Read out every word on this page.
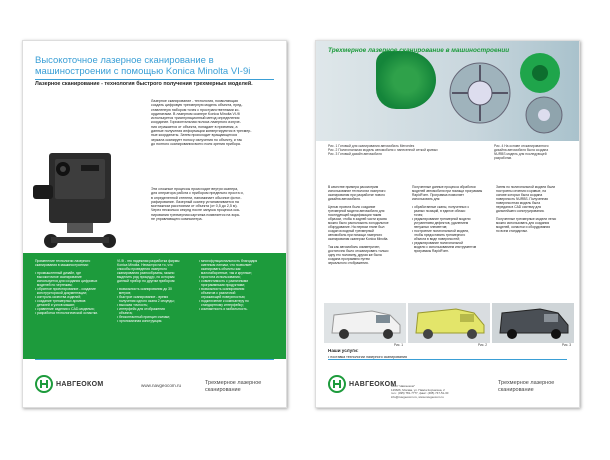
Высокоточное лазерное сканирование в машиностроении с помощью Konica Minolta VI-9i
Лазерное сканирование - технология быстрого получения трехмерных моделей.
Лазерное сканирование - технология, позволяющая
создать цифровую трехмерную модель объекта, пред-
ставленную набором точек с пространственными ко-
ординатами. В лазерном сканере Konica Minolta VI-9i
используется триангуляционный метод определения
координат. Горизонтальная полоса лазерного излуче-
ния отражается от объекта, попадает в приемник, а
данные получения информации конвертируются в трехмер-
ные координаты. Затем происходит вращающегося
зеркала сканирует полосу излучения по объекту, и так
до полного сканирования всего поля зрения прибора.
Эти сложные процессы происходят внутри сканера,
для оператора работа с прибором предельно проста и,
в определенной степени, напоминает обычное фотог-
рафирование. Лазерный сканер устанавливается на
монтажном расстоянии от объекта (от 0,5 до 2,5 м).
Через несколько секунд после запуска процесса ска-
нирования трехмерная картинка появляется на экра-
не управляющего компьютера.
Применение технологии лазерного
сканирования в машиностроении:

• промышленный дизайн, где
высокоточное сканирование
используется для создания цифровых
моделей по чертежам;
• обратное проектирование - создание
конструкторской документации;
• контроль качества изделий;
• создание трехмерных архивов
деталей и узлов машин;
• сравнение изделия с CAD-моделью;
• разработка технологической оснастки.
VI-9i - это надежная разработка фирмы
Konica Minolta. Несмотря на то, что
способы проведения лазерного
сканирования разнообразны, можно
выделить ряд процедур, по которым
данный прибор по другим прибором:

• возможность сканирования до 30
метров;
• быстрое сканирование - время
получения одного скана 2 секунды;
• высокая точность;
• интерфейс для отображения
объекта;
• бесконтактный принцип съемки;
• эргономичная конструкция.
• многофункциональность благодаря
сменным линзам, что позволяет
сканировать объекты как
малогабаритные, так и крупные;
• простота использования;
• совместимость с различными
программными продуктами;
• возможность сканирования
объектов с различной
отражающей поверхностью;
• подключение к компьютеру по
стандартному интерфейсу;
• компактность и мобильность.
НАВГЕОКОМ	www.navgeocom.ru	Трехмерное лазерное сканирование
Трехмерное лазерное сканирование в машиностроении
Рис. 1 Готовый для сканирования автомобиль Mercedes
Рис. 2 Полигональная модель автомобиля с нанесенной сеткой кривых
Рис. 3 Готовый дизайн автомобиля
Рис. 4 На основе отсканированного
дизайна автомобиля была создана
NURBS модель для последующей
разработки.
В качестве примера рассмотрим
использование технологии лазерного
сканирования при разработке нового
дизайна автомобиля.

Целью проекта было создание
трехмерной модели автомобиля для
последующей модификации таким
образом, чтобы в задней части кузова
можно было расположить холодильное
оборудование. На первом этапе был
создан исходный трехмерный
автомобиль при помощи лазерного
сканирования сканером Konica Minolta.

Так как автомобиль симметричен,
достаточно было отсканировать только
одну его половину, другая же была
создана программно путем
зеркального отображения.
Полученные данные процесса обработки
моделей автомобиля при помощи программы
RapidForm. Программа позволяет
использовать для:

• обработанные сканы, полученных с
разных позиций, в единое облако
точек;
• редактирование трехмерной модели
устранением дефектов, удалением
ненужных элементов;
• построение полигональной модели,
чтобы предоставить трехмерного
объекта в виде поверхностей;
• редактирование полигональной
модели с использованием инструментов
программы RapidForm.
Затем по полигональной модели были
построены сечения и кривые, на
основе которых была создана
поверхность NURBS. Полученная
поверхностная модель была
передана в CAD систему для
дальнейшего конструирования.

Полученные трехмерные модели легко
можно использовать для создания
моделей, оснастки и оборудования
по всем стандартам.
Рис. 1	Рис. 2	Рис. 3
Наши услуги:
• поставка технологии лазерного сканирования

НАВГЕОКОМ
ООО "Навгеоком"
129626, Москва, ул. Павла Корчагина, 2
тел.: (495) 781-7777, факс: (495) 747-51-30
info@navgeocom.ru, www.navgeocom.ru
Трехмерное лазерное сканирование
